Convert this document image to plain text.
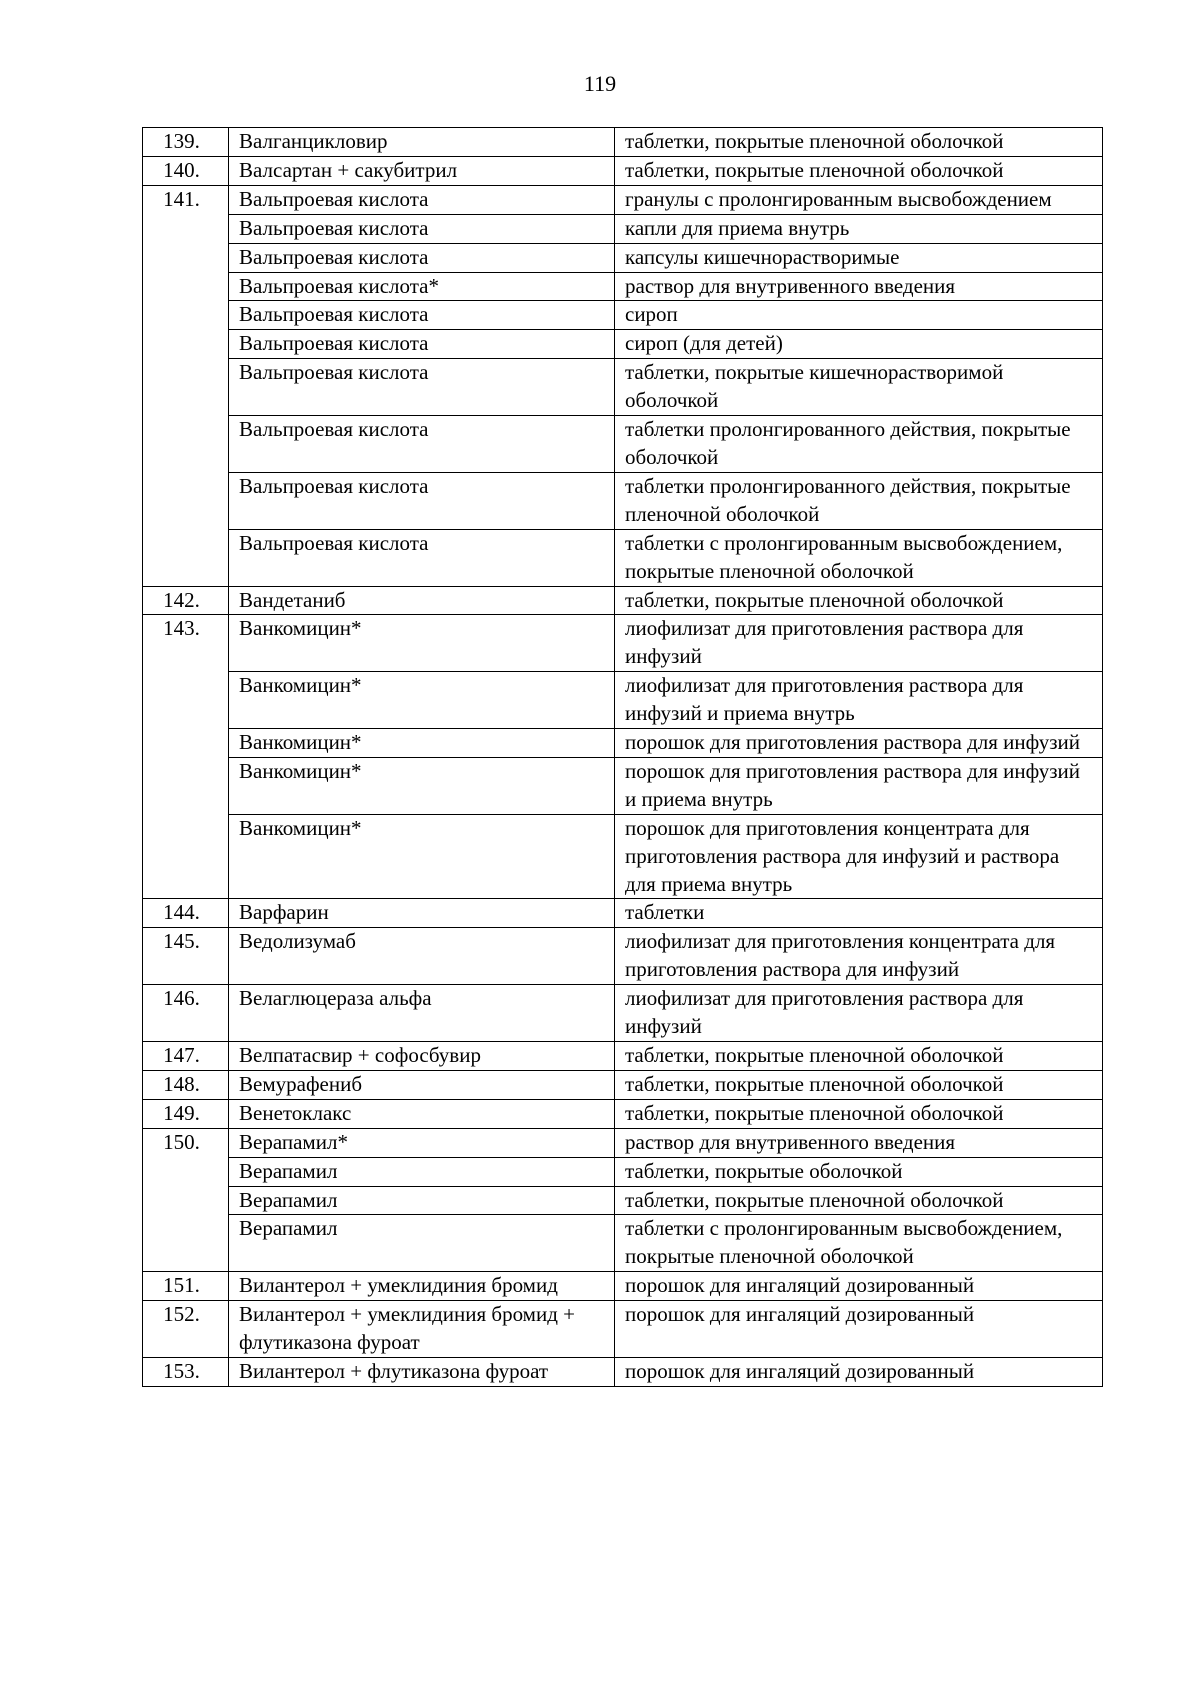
119
139.	Валганцикловир	таблетки, покрытые пленочной оболочкой
140.	Валсартан + сакубитрил	таблетки, покрытые пленочной оболочкой
141.	Вальпроевая кислота	гранулы с пролонгированным высвобождением
	Вальпроевая кислота	капли для приема внутрь
	Вальпроевая кислота	капсулы кишечнорастворимые
	Вальпроевая кислота*	раствор для внутривенного введения
	Вальпроевая кислота	сироп
	Вальпроевая кислота	сироп (для детей)
	Вальпроевая кислота	таблетки, покрытые кишечнорастворимой оболочкой
	Вальпроевая кислота	таблетки пролонгированного действия, покрытые оболочкой
	Вальпроевая кислота	таблетки пролонгированного действия, покрытые пленочной оболочкой
	Вальпроевая кислота	таблетки с пролонгированным высвобождением, покрытые пленочной оболочкой
142.	Вандетаниб	таблетки, покрытые пленочной оболочкой
143.	Ванкомицин*	лиофилизат для приготовления раствора для инфузий
	Ванкомицин*	лиофилизат для приготовления раствора для инфузий и приема внутрь
	Ванкомицин*	порошок для приготовления раствора для инфузий
	Ванкомицин*	порошок для приготовления раствора для инфузий и приема внутрь
	Ванкомицин*	порошок для приготовления концентрата для приготовления раствора для инфузий и раствора для приема внутрь
144.	Варфарин	таблетки
145.	Ведолизумаб	лиофилизат для приготовления концентрата для приготовления раствора для инфузий
146.	Велаглюцераза альфа	лиофилизат для приготовления раствора для инфузий
147.	Велпатасвир + софосбувир	таблетки, покрытые пленочной оболочкой
148.	Вемурафениб	таблетки, покрытые пленочной оболочкой
149.	Венетоклакс	таблетки, покрытые пленочной оболочкой
150.	Верапамил*	раствор для внутривенного введения
	Верапамил	таблетки, покрытые оболочкой
	Верапамил	таблетки, покрытые пленочной оболочкой
	Верапамил	таблетки с пролонгированным высвобождением, покрытые пленочной оболочкой
151.	Вилантерол + умеклидиния бромид	порошок для ингаляций дозированный
152.	Вилантерол + умеклидиния бромид + флутиказона фуроат	порошок для ингаляций дозированный
153.	Вилантерол + флутиказона фуроат	порошок для ингаляций дозированный
